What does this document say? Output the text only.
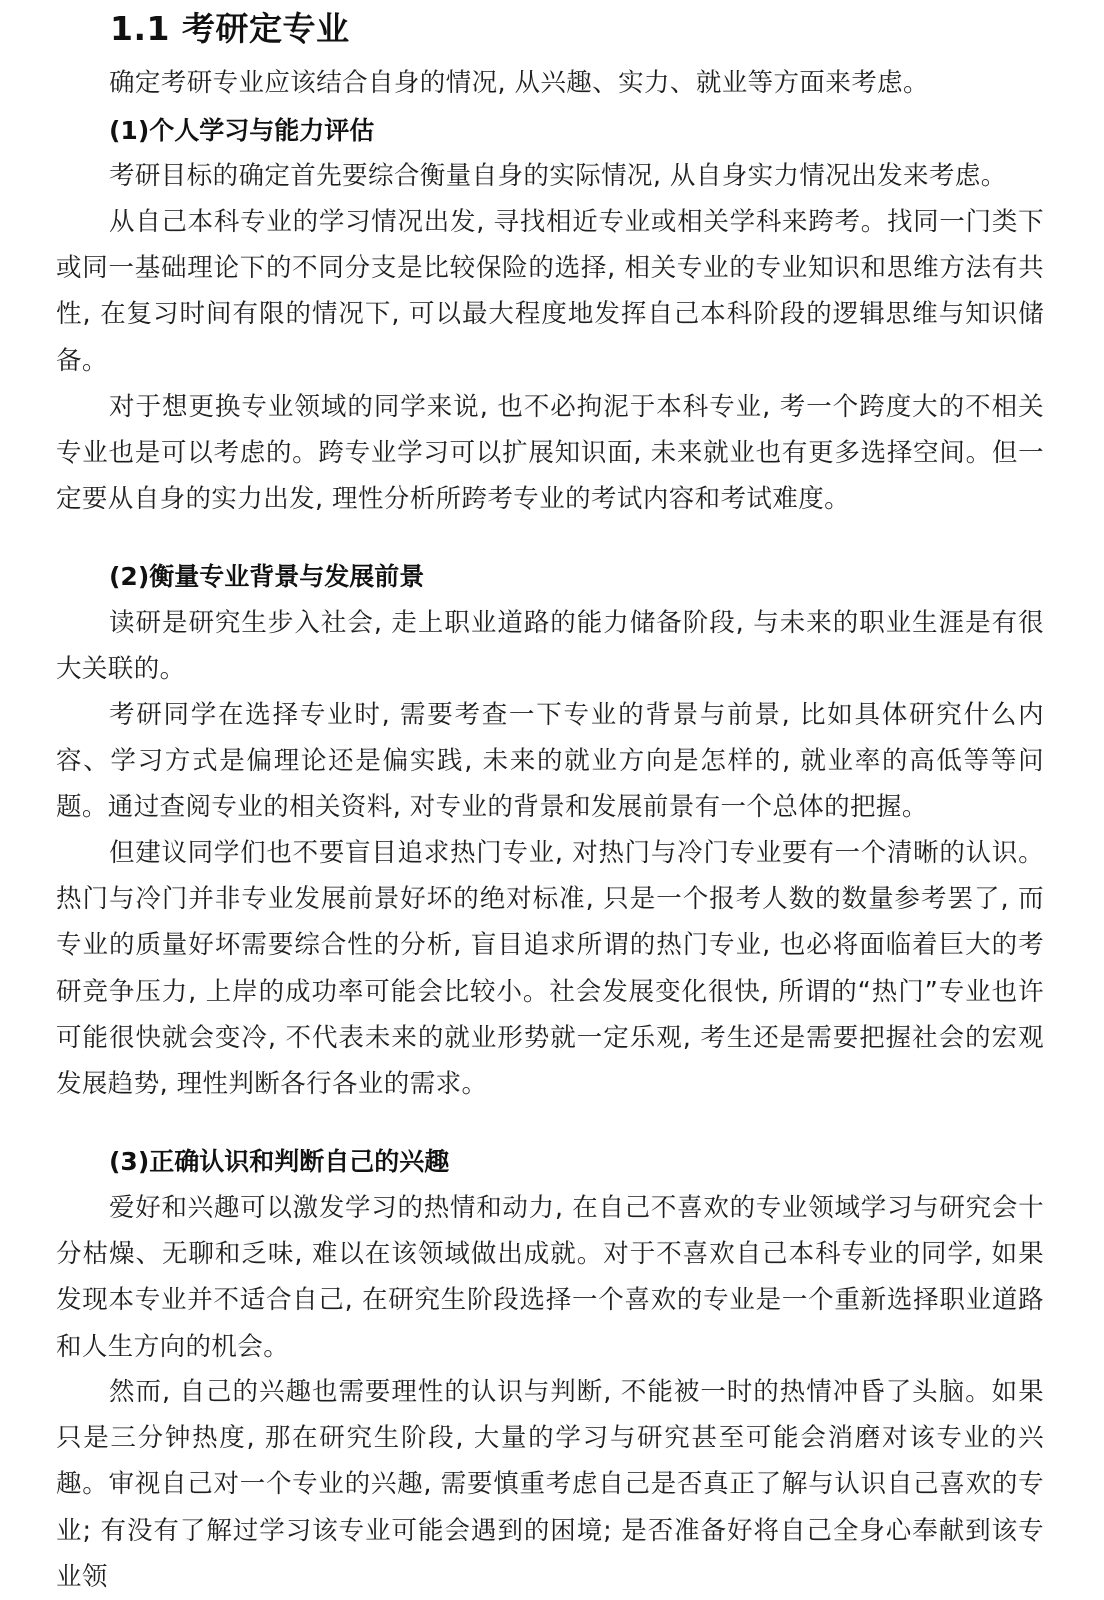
1.1 考研定专业

确定考研专业应该结合自身的情况, 从兴趣、实力、就业等方面来考虑。

(1)个人学习与能力评估

考研目标的确定首先要综合衡量自身的实际情况, 从自身实力情况出发来考虑。

从自己本科专业的学习情况出发, 寻找相近专业或相关学科来跨考。找同一门类下或同一基础理论下的不同分支是比较保险的选择, 相关专业的专业知识和思维方法有共性, 在复习时间有限的情况下, 可以最大程度地发挥自己本科阶段的逻辑思维与知识储备。

对于想更换专业领域的同学来说, 也不必拘泥于本科专业, 考一个跨度大的不相关专业也是可以考虑的。跨专业学习可以扩展知识面, 未来就业也有更多选择空间。但一定要从自身的实力出发, 理性分析所跨考专业的考试内容和考试难度。

(2)衡量专业背景与发展前景

读研是研究生步入社会, 走上职业道路的能力储备阶段, 与未来的职业生涯是有很大关联的。

考研同学在选择专业时, 需要考查一下专业的背景与前景, 比如具体研究什么内容、学习方式是偏理论还是偏实践, 未来的就业方向是怎样的, 就业率的高低等等问题。通过查阅专业的相关资料, 对专业的背景和发展前景有一个总体的把握。

但建议同学们也不要盲目追求热门专业, 对热门与冷门专业要有一个清晰的认识。热门与冷门并非专业发展前景好坏的绝对标准, 只是一个报考人数的数量参考罢了, 而专业的质量好坏需要综合性的分析, 盲目追求所谓的热门专业, 也必将面临着巨大的考研竞争压力, 上岸的成功率可能会比较小。社会发展变化很快, 所谓的“热门”专业也许可能很快就会变冷, 不代表未来的就业形势就一定乐观, 考生还是需要把握社会的宏观发展趋势, 理性判断各行各业的需求。

(3)正确认识和判断自己的兴趣

爱好和兴趣可以激发学习的热情和动力, 在自己不喜欢的专业领域学习与研究会十分枯燥、无聊和乏味, 难以在该领域做出成就。对于不喜欢自己本科专业的同学, 如果发现本专业并不适合自己, 在研究生阶段选择一个喜欢的专业是一个重新选择职业道路和人生方向的机会。

然而, 自己的兴趣也需要理性的认识与判断, 不能被一时的热情冲昏了头脑。如果只是三分钟热度, 那在研究生阶段, 大量的学习与研究甚至可能会消磨对该专业的兴趣。审视自己对一个专业的兴趣, 需要慎重考虑自己是否真正了解与认识自己喜欢的专业; 有没有了解过学习该专业可能会遇到的困境; 是否准备好将自己全身心奉献到该专业领
